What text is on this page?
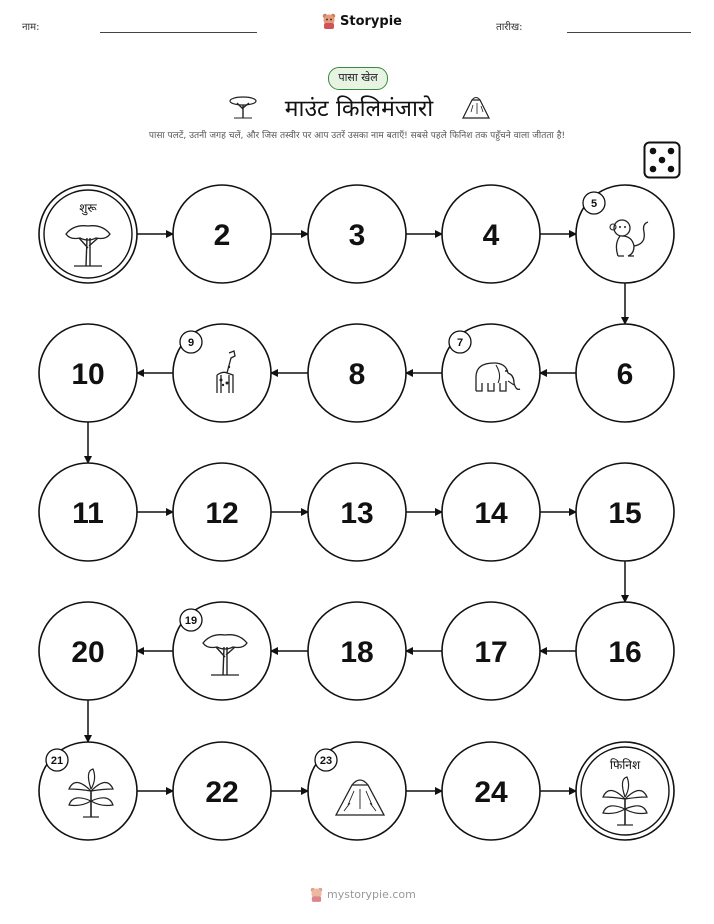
नाम:	Storypie	तारीख:
पासा खेल
माउंट किलिमंजारो
पासा पलटें, उतनी जगह चलें, और जिस तस्वीर पर आप उतरें उसका नाम बताएँ! सबसे पहले फिनिश तक पहुँचने वाला जीतता है!
शुरू
2	3	4
5
10
9
8
7
6
11	12	13	14	15
20
19
18	17	16
21
22
23
24
फिनिश
mystorypie.com
